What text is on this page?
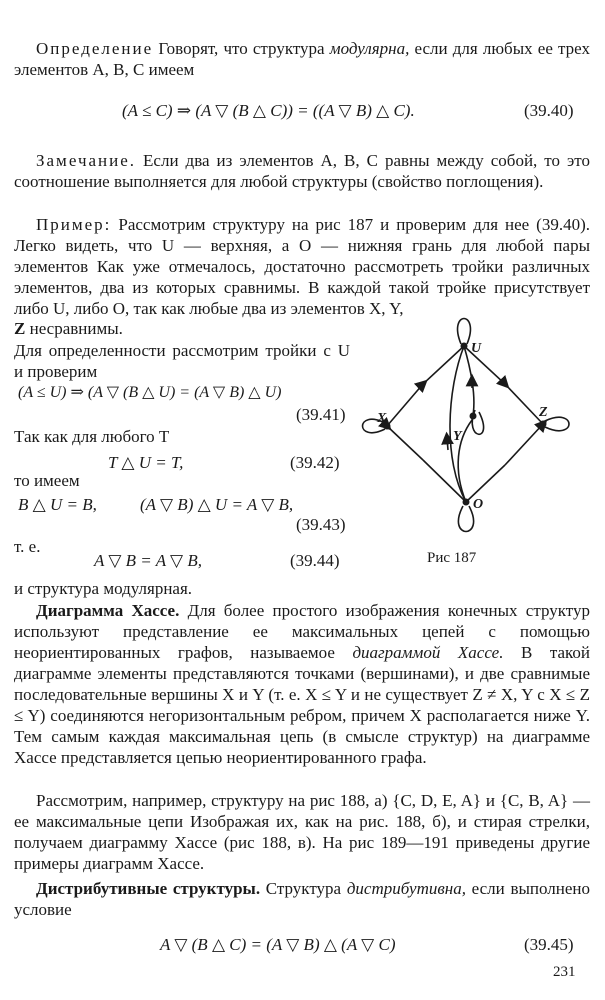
Определение Говорят, что структура модулярна, если для любых ее трех элементов A, B, C имеем

(A ≤ C) ⇒ (A ▽ (B △ C)) = ((A ▽ B) △ C).	(39.40)

Замечание. Если два из элементов A, B, C равны между собой, то это соотношение выполняется для любой структуры (свойство поглощения).

Пример: Рассмотрим структуру на рис 187 и проверим для нее (39.40). Легко видеть, что U — верхняя, а O — нижняя грань для любой пары элементов Как уже отмечалось, достаточно рассмотреть тройки различных элементов, два из которых сравнимы. В каждой такой тройке присутствует либо U, либо O, так как любые два из элементов X, Y,

Z несравнимы.

Для определенности рассмотрим тройки с U и проверим

(A ≤ U) ⇒ (A ▽ (B △ U) = (A ▽ B) △ U)
(39.41)

Так как для любого T

T △ U = T,	(39.42)

то имеем

B △ U = B,	(A ▽ B) △ U = A ▽ B,
(39.43)

т. е.

A ▽ B = A ▽ B,	(39.44)

и структура модулярная.

U
X	Z
O
Y
Рис 187

Диаграмма Хассе. Для более простого изображения конечных структур используют представление ее максимальных цепей с помощью неориентированных графов, называемое диаграммой Хассе. В такой диаграмме элементы представляются точками (вершинами), и две сравнимые последовательные вершины X и Y (т. е. X ≤ Y и не существует Z ≠ X, Y с X ≤ Z ≤ Y) соединяются негоризонтальным ребром, причем X располагается ниже Y. Тем самым каждая максимальная цепь (в смысле структур) на диаграмме Хассе представляется цепью неориентированного графа.

Рассмотрим, например, структуру на рис 188, а) {C, D, E, A} и {C, B, A} — ее максимальные цепи Изображая их, как на рис. 188, б), и стирая стрелки, получаем диаграмму Хассе (рис 188, в). На рис 189—191 приведены другие примеры диаграмм Хассе.

Дистрибутивные структуры. Структура дистрибутивна, если выполнено условие

A ▽ (B △ C) = (A ▽ B) △ (A ▽ C)	(39.45)
231
